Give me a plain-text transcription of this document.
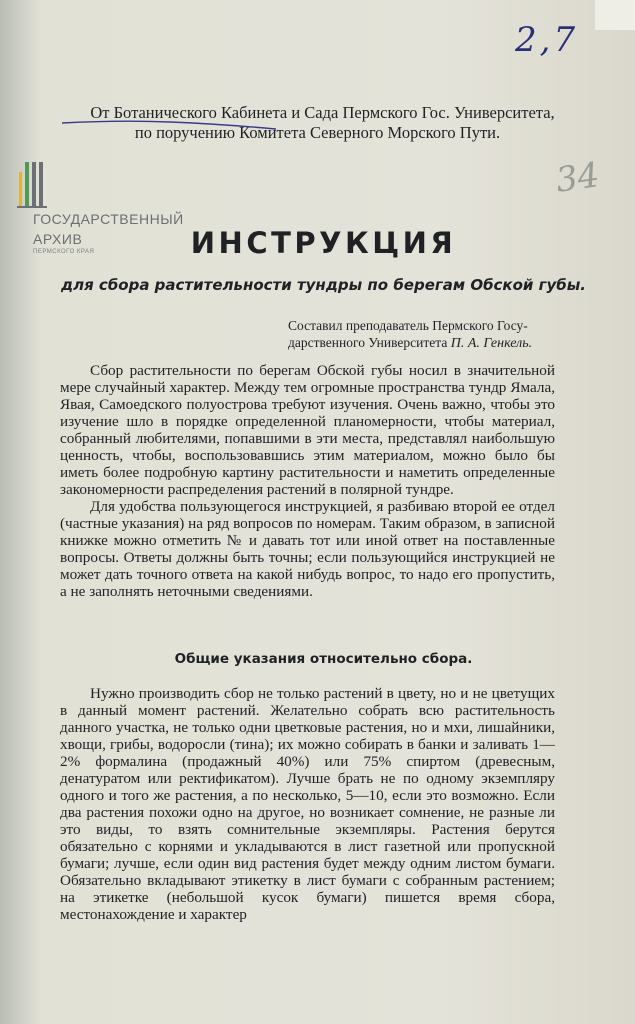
2,7
34
От Ботанического Кабинета и Сада Пермского Гос. Университета,
по поручению Комитета Северного Морского Пути.
ГОСУДАРСТВЕННЫЙ
АРХИВ
ПЕРМСКОГО КРАЯ	ИНСТРУКЦИЯ
для сбора растительности тундры по берегам Обской губы.
Составил преподаватель Пермского Госу-
дарственного Университета П. А. Генкель.

Сбор растительности по берегам Обской губы носил в значительной мере случайный характер. Между тем огромные пространства тундр Ямала, Явая, Самоедского полуострова требуют изучения. Очень важно, чтобы это изучение шло в порядке определенной планомерности, чтобы материал, собранный любителями, попавшими в эти места, представлял наибольшую ценность, чтобы, воспользовавшись этим материалом, можно было бы иметь более подробную картину растительности и наметить определенные закономерности распределения растений в полярной тундре.

Для удобства пользующегося инструкцией, я разбиваю второй ее отдел (частные указания) на ряд вопросов по номерам. Таким образом, в записной книжке можно отметить № и давать тот или иной ответ на поставленные вопросы. Ответы должны быть точны; если пользующийся инструкцией не может дать точного ответа на какой нибудь вопрос, то надо его пропустить, а не заполнять неточными сведениями.

Общие указания относительно сбора.

Нужно производить сбор не только растений в цвету, но и не цветущих в данный момент растений. Желательно собрать всю растительность данного участка, не только одни цветковые растения, но и мхи, лишайники, хвощи, грибы, водоросли (тина); их можно собирать в банки и заливать 1—2% формалина (продажный 40%) или 75% спиртом (древесным, денатуратом или ректификатом). Лучше брать не по одному экземпляру одного и того же растения, а по несколько, 5—10, если это возможно. Если два растения похожи одно на другое, но возникает сомнение, не разные ли это виды, то взять сомнительные экземпляры. Растения берутся обязательно с корнями и укладываются в лист газетной или пропускной бумаги; лучше, если один вид растения будет между одним листом бумаги. Обязательно вкладывают этикетку в лист бумаги с собранным растением; на этикетке (небольшой кусок бумаги) пишется время сбора, местонахождение и характер
